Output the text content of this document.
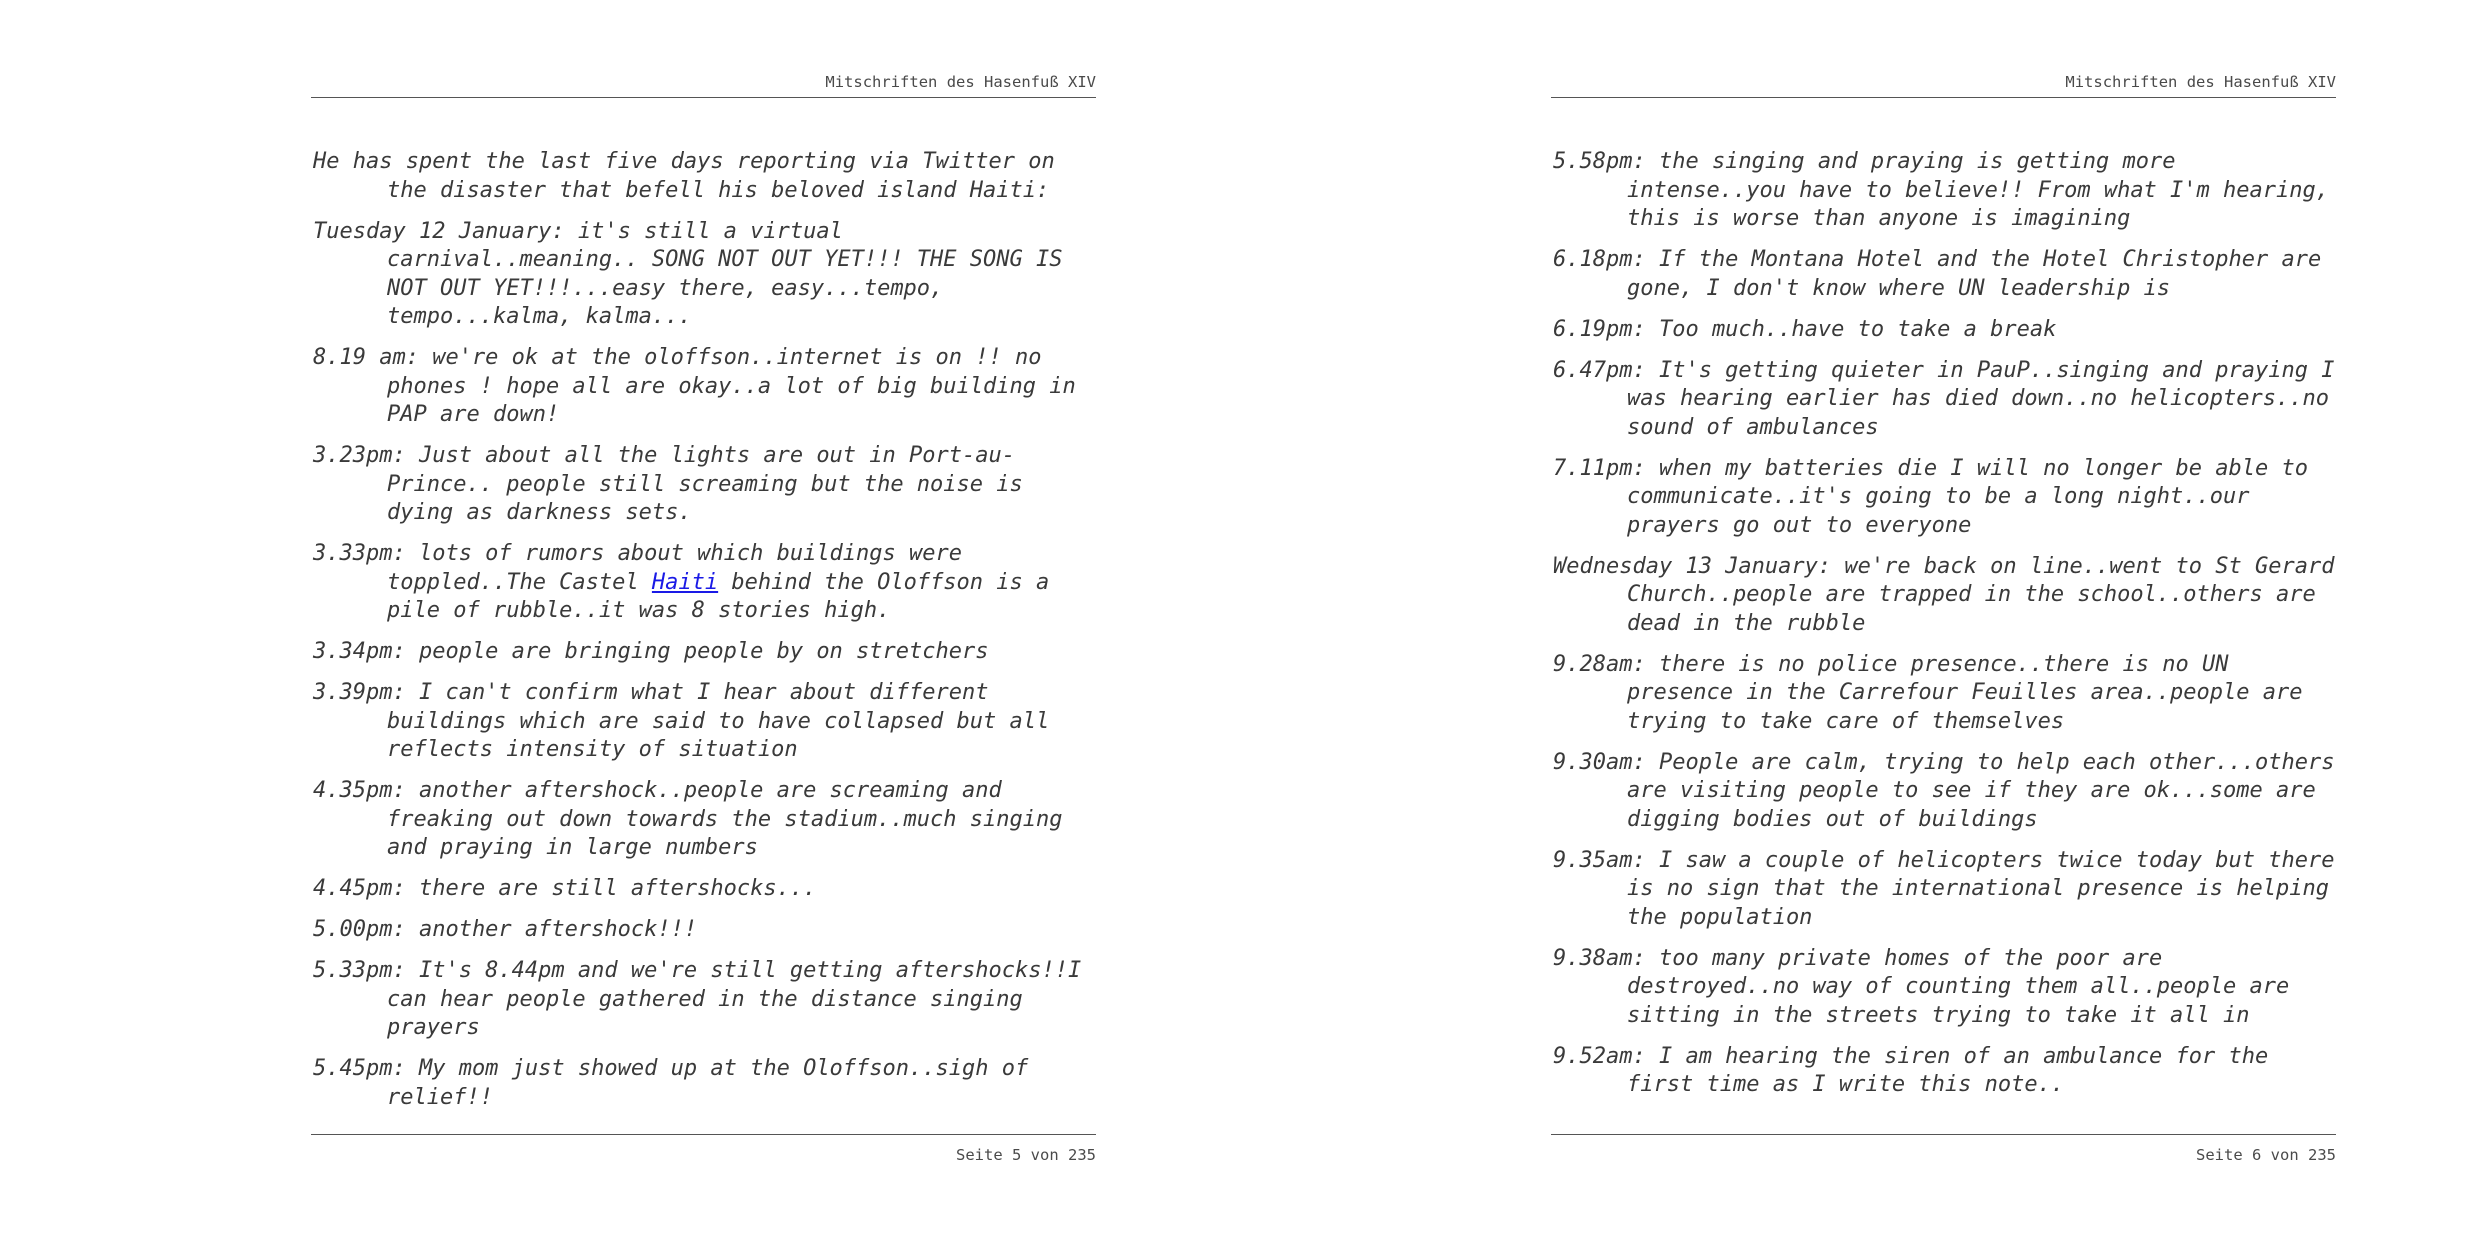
Mitschriften des Hasenfuß XIV

He has spent the last five days reporting via Twitter on the disaster that befell his beloved island Haiti:

Tuesday 12 January: it's still a virtual carnival..meaning.. SONG NOT OUT YET!!! THE SONG IS NOT OUT YET!!!...easy there, easy...tempo, tempo...kalma, kalma...

8.19 am: we're ok at the oloffson..internet is on !! no phones ! hope all are okay..a lot of big building in PAP are down!

3.23pm: Just about all the lights are out in Port-au-Prince.. people still screaming but the noise is dying as darkness sets.

3.33pm: lots of rumors about which buildings were toppled..The Castel Haiti behind the Oloffson is a pile of rubble..it was 8 stories high.

3.34pm: people are bringing people by on stretchers

3.39pm: I can't confirm what I hear about different buildings which are said to have collapsed but all reflects intensity of situation

4.35pm: another aftershock..people are screaming and freaking out down towards the stadium..much singing and praying in large numbers

4.45pm: there are still aftershocks...

5.00pm: another aftershock!!!

5.33pm: It's 8.44pm and we're still getting aftershocks!!I can hear people gathered in the distance singing prayers

5.45pm: My mom just showed up at the Oloffson..sigh of relief!!

Seite 5 von 235
Mitschriften des Hasenfuß XIV

5.58pm: the singing and praying is getting more intense..you have to believe!! From what I'm hearing, this is worse than anyone is imagining

6.18pm: If the Montana Hotel and the Hotel Christopher are gone, I don't know where UN leadership is

6.19pm: Too much..have to take a break

6.47pm: It's getting quieter in PauP..singing and praying I was hearing earlier has died down..no helicopters..no sound of ambulances

7.11pm: when my batteries die I will no longer be able to communicate..it's going to be a long night..our prayers go out to everyone

Wednesday 13 January: we're back on line..went to St Gerard Church..people are trapped in the school..others are dead in the rubble

9.28am: there is no police presence..there is no UN presence in the Carrefour Feuilles area..people are trying to take care of themselves

9.30am: People are calm, trying to help each other...others are visiting people to see if they are ok...some are digging bodies out of buildings

9.35am: I saw a couple of helicopters twice today but there is no sign that the international presence is helping the population

9.38am: too many private homes of the poor are destroyed..no way of counting them all..people are sitting in the streets trying to take it all in

9.52am: I am hearing the siren of an ambulance for the first time as I write this note..

Seite 6 von 235
